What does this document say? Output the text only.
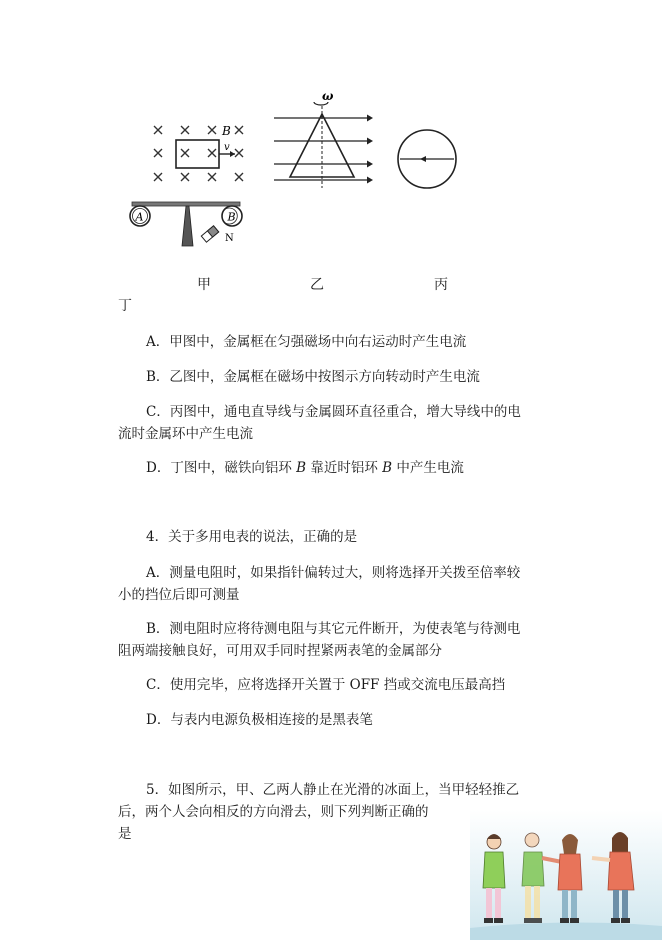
B
v
A	B
N
ω
甲	乙	丙
丁
A．甲图中，金属框在匀强磁场中向右运动时产生电流
B．乙图中，金属框在磁场中按图示方向转动时产生电流
C．丙图中，通电直导线与金属圆环直径重合，增大导线中的电
流时金属环中产生电流
D．丁图中，磁铁向铝环 B 靠近时铝环 B 中产生电流
4．关于多用电表的说法，正确的是
A．测量电阻时，如果指针偏转过大，则将选择开关拨至倍率较
小的挡位后即可测量
B．测电阻时应将待测电阻与其它元件断开，为使表笔与待测电
阻两端接触良好，可用双手同时捏紧两表笔的金属部分
C．使用完毕，应将选择开关置于 OFF 挡或交流电压最高挡
D．与表内电源负极相连接的是黑表笔
5．如图所示，甲、乙两人静止在光滑的冰面上，当甲轻轻推乙
后，两个人会向相反的方向滑去，则下列判断正确的
是
